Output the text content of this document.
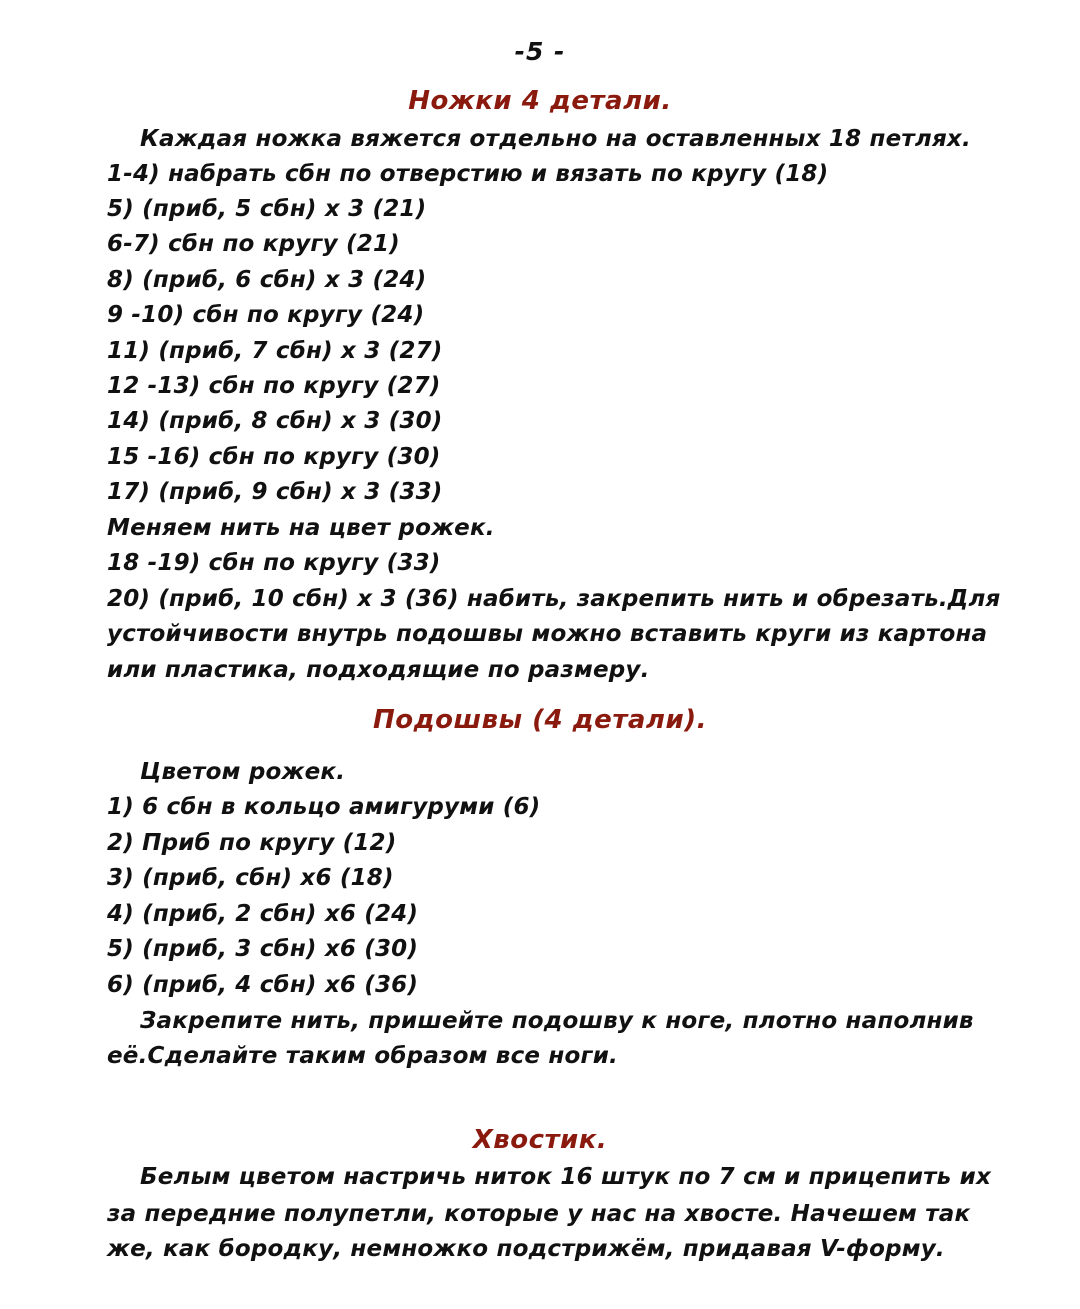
-5 -
Ножки 4 детали.
Каждая ножка вяжется отдельно на оставленных 18 петлях.
1-4) набрать сбн по отверстию и вязать по кругу (18)
5) (приб, 5 сбн) х 3 (21)
6-7) сбн по кругу (21)
8) (приб, 6 сбн) х 3 (24)
9 -10) сбн по кругу (24)
11) (приб, 7 сбн) х 3 (27)
12 -13) сбн по кругу (27)
14) (приб, 8 сбн) х 3 (30)
15 -16) сбн по кругу (30)
17) (приб, 9 сбн) х 3 (33)
Меняем нить на цвет рожек.
18 -19) сбн по кругу (33)
20) (приб, 10 сбн) х 3 (36) набить, закрепить нить и обрезать.Для
устойчивости внутрь подошвы можно вставить круги из картона
или пластика, подходящие по размеру.
Подошвы (4 детали).
Цветом рожек.
1) 6 сбн в кольцо амигуруми (6)
2) Приб по кругу (12)
3) (приб, сбн) х6 (18)
4) (приб, 2 сбн) х6 (24)
5) (приб, 3 сбн) х6 (30)
6) (приб, 4 сбн) х6 (36)
Закрепите нить, пришейте подошву к ноге, плотно наполнив
её.Сделайте таким образом все ноги.
Хвостик.
Белым цветом настричь ниток 16 штук по 7 см и прицепить их
за передние полупетли, которые у нас на хвосте. Начешем так
же, как бородку, немножко подстрижём, придавая V-форму.
